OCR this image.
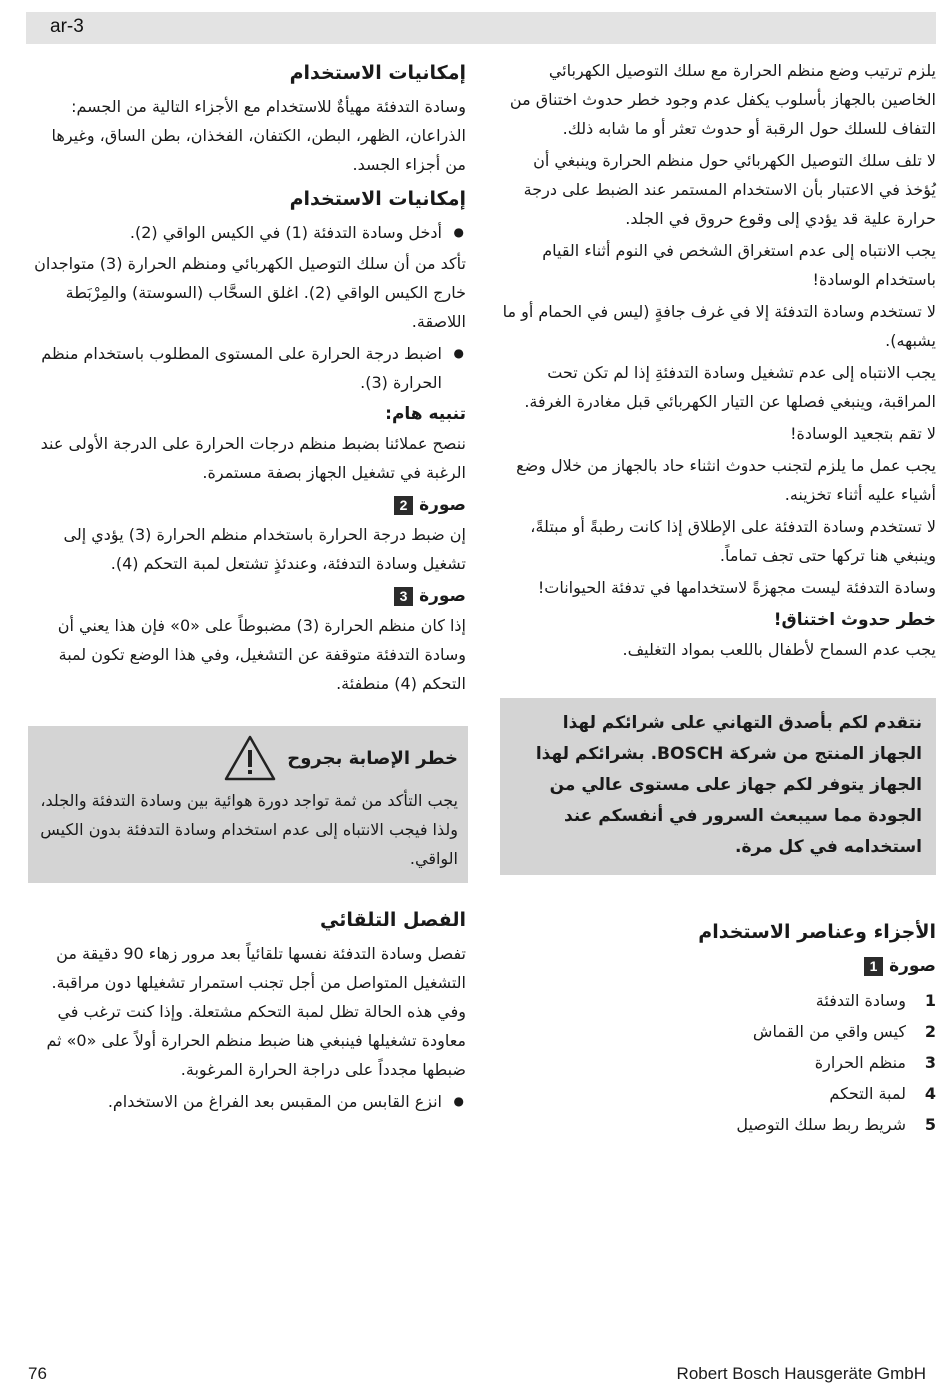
ar-3

يلزم ترتيب وضع منظم الحرارة مع سلك التوصيل الكهربائي الخاصين بالجهاز بأسلوب يكفل عدم وجود خطر حدوث اختناق من التفاف للسلك حول الرقبة أو حدوث تعثر أو ما شابه ذلك.

لا تلف سلك التوصيل الكهربائي حول منظم الحرارة وينبغي أن يُؤخذ في الاعتبار بأن الاستخدام المستمر عند الضبط على درجة حرارة علية قد يؤدي إلى وقوع حروق في الجلد.

يجب الانتباه إلى عدم استغراق الشخص في النوم أثناء القيام باستخدام الوسادة!

لا تستخدم وسادة التدفئة إلا في غرف جافةٍ (ليس في الحمام أو ما يشبهه).

يجب الانتباه إلى عدم تشغيل وسادة التدفئةِ إذا لم تكن تحت المراقبة، وينبغي فصلها عن التيار الكهربائي قبل مغادرة الغرفة.

لا تقم بتجعيد الوسادة!

يجب عمل ما يلزم لتجنب حدوث انثناء حاد بالجهاز من خلال وضع أشياء عليه أثناء تخزينه.

لا تستخدم وسادة التدفئة على الإطلاق إذا كانت رطبةً أو مبتلةً، وينبغي هنا تركها حتى تجف تماماً.

وسادة التدفئة ليست مجهزةً لاستخدامها في تدفئة الحيوانات!

خطر حدوث اختناق!

يجب عدم السماح لأطفال باللعب بمواد التغليف.

نتقدم لكم بأصدق التهاني على شرائكم لهذا الجهاز المنتج من شركة BOSCH. بشرائكم لهذا الجهاز يتوفر لكم جهاز على مستوى عالي من الجودة مما سيبعث السرور في أنفسكم عند استخدامه في كل مرة.
الأجزاء وعناصر الاستخدام
صورة
1
1
وسادة التدفئة
2
كيس واقي من القماش
3
منظم الحرارة
4
لمبة التحكم
5
شريط ربط سلك التوصيل
إمكانيات الاستخدام

وسادة التدفئة مهيأةٌ للاستخدام مع الأجزاء التالية من الجسم: الذراعان، الظهر، البطن، الكتفان، الفخذان، بطن الساق، وغيرها من أجزاء الجسد.

إمكانيات الاستخدام
● أدخل وسادة التدفئة (1) في الكيس الواقي (2).

تأكد من أن سلك التوصيل الكهربائي ومنظم الحرارة (3) متواجدان خارج الكيس الواقي (2). اغلق السحَّاب (السوستة) والمِرْبَطة اللاصقة.

● اضبط درجة الحرارة على المستوى المطلوب باستخدام منظم الحرارة (3).
تنبيه هام:

ننصح عملائنا بضبط منظم درجات الحرارة على الدرجة الأولى عند الرغبة في تشغيل الجهاز بصفة مستمرة.

صورة
2

إن ضبط درجة الحرارة باستخدام منظم الحرارة (3) يؤدي إلى تشغيل وسادة التدفئة، وعندئذٍ تشتعل لمبة التحكم (4).

صورة
3

إذا كان منظم الحرارة (3) مضبوطاً على «0» فإن هذا يعني أن وسادة التدفئة متوقفة عن التشغيل، وفي هذا الوضع تكون لمبة التحكم (4) منطفئة.

خطر الإصابة بجروح
يجب التأكد من ثمة تواجد دورة هوائية بين وسادة التدفئة والجلد، ولذا فيجب الانتباه إلى عدم استخدام وسادة التدفئة بدون الكيس الواقي.
الفصل التلقائي

تفصل وسادة التدفئة نفسها تلقائياً بعد مرور زهاء 90 دقيقة من التشغيل المتواصل من أجل تجنب استمرار تشغيلها دون مراقبة. وفي هذه الحالة تظل لمبة التحكم مشتعلة. وإذا كنت ترغب في معاودة تشغيلها فينبغي هنا ضبط منظم الحرارة أولاً على «0» ثم ضبطها مجدداً على دراجة الحرارة المرغوبة.

● انزع القابس من المقبس بعد الفراغ من الاستخدام.
76	Robert Bosch Hausgeräte GmbH
